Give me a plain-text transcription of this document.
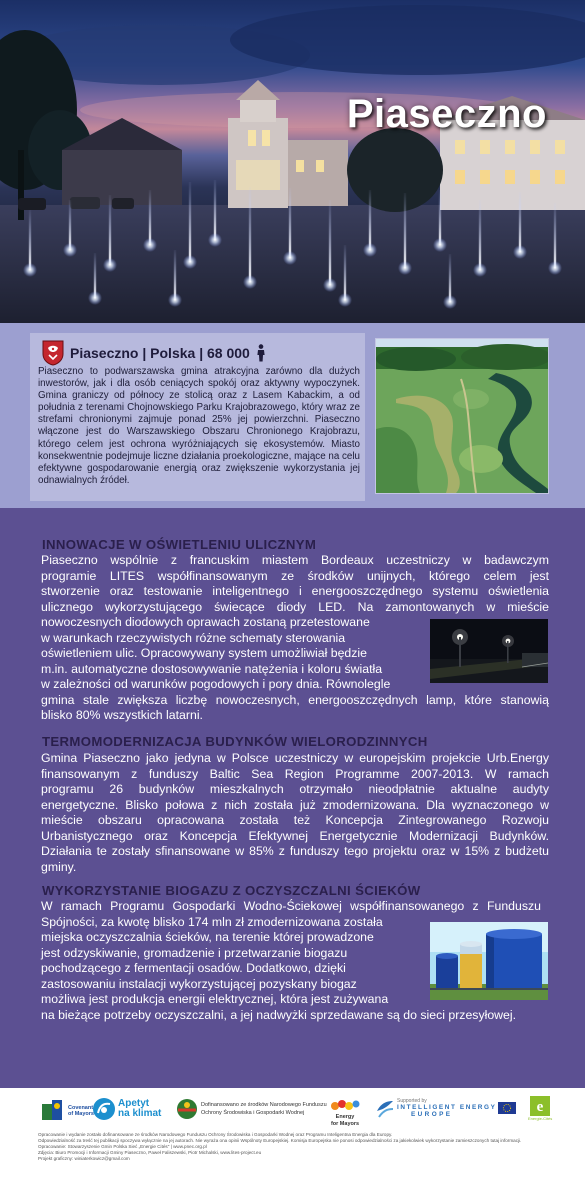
Piaseczno
Piaseczno | Polska | 68 000

Piaseczno to podwarszawska gmina atrakcyjna zarówno dla dużych inwestorów, jak i dla osób ceniących spokój oraz aktywny wypoczynek. Gmina graniczy od północy ze stolicą oraz z Lasem Kabackim, a od południa z terenami Chojnowskiego Parku Krajobrazowego, który wraz ze strefami chronionymi zajmuje ponad 25% jej powierzchni. Piaseczno włączone jest do Warszawskiego Obszaru Chronionego Krajobrazu, którego celem jest ochrona wyróżniających się ekosystemów. Miasto konsekwentnie podejmuje liczne działania proekologiczne, mające na celu efektywne gospodarowanie energią oraz zwiększenie wykorzystania jej odnawialnych źródeł.

INNOWACJE W OŚWIETLENIU ULICZNYM
Piaseczno wspólnie z francuskim miastem Bordeaux uczestniczy w badawczym
programie LITES współfinansowanym ze środków unijnych, którego celem jest
stworzenie oraz testowanie inteligentnego i energooszczędnego systemu oświetlenia
ulicznego wykorzystującego świecące diody LED. Na zamontowanych w mieście
nowoczesnych diodowych oprawach zostaną przetestowane
w warunkach rzeczywistych różne schematy sterowania
oświetleniem ulic. Opracowywany system umożliwiał będzie
m.in. automatyczne dostosowywanie natężenia i koloru światła
w zależności od warunków pogodowych i pory dnia. Równolegle
gmina stale zwiększa liczbę nowoczesnych, energooszczędnych lamp, które stanowią
blisko 80% wszystkich latarni.
TERMOMODERNIZACJA BUDYNKÓW WIELORODZINNYCH
Gmina Piaseczno jako jedyna w Polsce uczestniczy w europejskim projekcie Urb.Energy
finansowanym z funduszy Baltic Sea Region Programme 2007-2013. W ramach
programu 26 budynków mieszkalnych otrzymało nieodpłatnie aktualne audyty
energetyczne. Blisko połowa z nich została już zmodernizowana. Dla wyznaczonego w
mieście obszaru opracowana została też Koncepcja Zintegrowanego Rozwoju
Urbanistycznego oraz Koncepcja Efektywnej Energetycznie Modernizacji Budynków.
Działania te zostały sfinansowane w 85% z funduszy tego projektu oraz w 15% z budżetu
gminy.
WYKORZYSTANIE BIOGAZU Z OCZYSZCZALNI ŚCIEKÓW
W ramach Programu Gospodarki Wodno-Ściekowej współfinansowanego z Funduszu
Spójności, za kwotę blisko 174 mln zł zmodernizowana została
miejska oczyszczalnia ścieków, na terenie której prowadzone
jest odzyskiwanie, gromadzenie i przetwarzanie biogazu
pochodzącego z fermentacji osadów. Dodatkowo, dzięki
zastosowaniu instalacji wykorzystującej pozyskany biogaz
możliwa jest produkcja energii elektrycznej, która jest zużywana
na bieżące potrzeby oczyszczalni, a jej nadwyżki sprzedawane są do sieci przesyłowej.
Covenant
of Mayors
Apetyt
na klimat
Dofinansowano ze środków Narodowego Funduszu
Ochrony Środowiska i Gospodarki Wodnej
Energy
for Mayors
Supported by
INTELLIGENT ENERGY
EUROPE	e
Energie-Cités
Opracowanie i wydanie zostało dofinansowane ze środków Narodowego Funduszu Ochrony Środowiska i Gospodarki Wodnej oraz Programu Inteligentna Energia dla Europy.
Odpowiedzialność za treść tej publikacji spoczywa wyłącznie na jej autorach. Nie wyraża ona opinii Wspólnoty Europejskiej. Komisja Europejska nie ponosi odpowiedzialności za jakiekolwiek wykorzystanie zamieszczonych tutaj informacji.
Opracowanie: Stowarzyszenie Gmin Polska Sieć „Energie Cités" | www.pnec.org.pl
Zdjęcia: Biuro Promocji i Informacji Gminy Piaseczno, Paweł Faliszewski, Piotr Michalski, www.lites-project.eu
Projekt graficzny: winiaterkowicz@gmail.com
